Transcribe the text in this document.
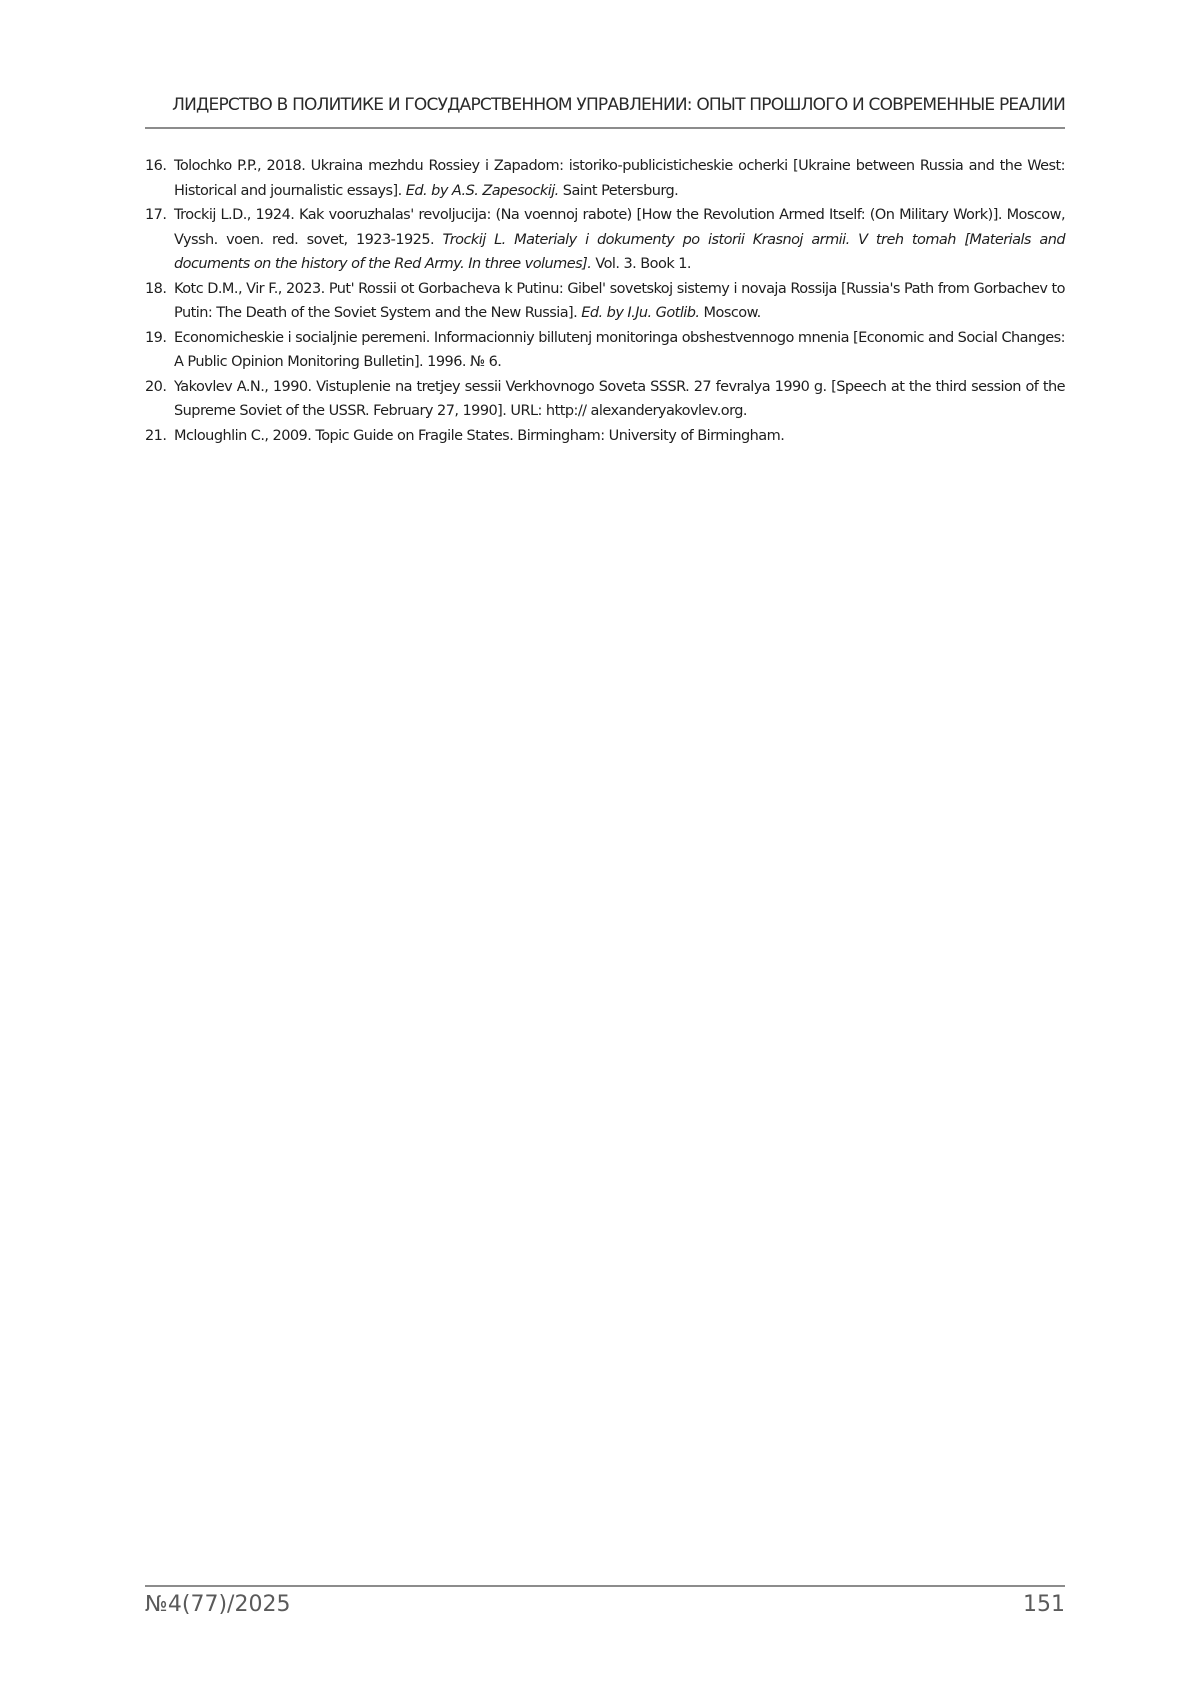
ЛИДЕРСТВО В ПОЛИТИКЕ И ГОСУДАРСТВЕННОМ УПРАВЛЕНИИ: ОПЫТ ПРОШЛОГО И СОВРЕМЕННЫЕ РЕАЛИИ
16. Tolochko P.P., 2018. Ukraina mezhdu Rossiey i Zapadom: istoriko-publicisticheskie ocherki [Ukraine between Russia and the West: Historical and journalistic essays]. Ed. by A.S. Zapesockij. Saint Petersburg.
17. Trockij L.D., 1924. Kak vooruzhalas' revoljucija: (Na voennoj rabote) [How the Revolution Armed Itself: (On Military Work)]. Moscow, Vyssh. voen. red. sovet, 1923-1925. Trockij L. Materialy i dokumenty po istorii Krasnoj armii. V treh tomah [Materials and documents on the history of the Red Army. In three volumes]. Vol. 3. Book 1.
18. Kotc D.M., Vir F., 2023. Put' Rossii ot Gorbacheva k Putinu: Gibel' sovetskoj sistemy i novaja Rossija [Russia's Path from Gorbachev to Putin: The Death of the Soviet System and the New Russia]. Ed. by I.Ju. Gotlib. Moscow.
19. Economicheskie i socialjnie peremeni. Informacionniy billutenj monitoringa obshestvennogo mnenia [Economic and Social Changes: A Public Opinion Monitoring Bulletin]. 1996. № 6.
20. Yakovlev A.N., 1990. Vistuplenie na tretjey sessii Verkhovnogo Soveta SSSR. 27 fevralya 1990 g. [Speech at the third session of the Supreme Soviet of the USSR. February 27, 1990]. URL: http:// alexanderyakovlev.org.
21. Mcloughlin C., 2009. Topic Guide on Fragile States. Birmingham: University of Birmingham.
№4(77)/2025	151
